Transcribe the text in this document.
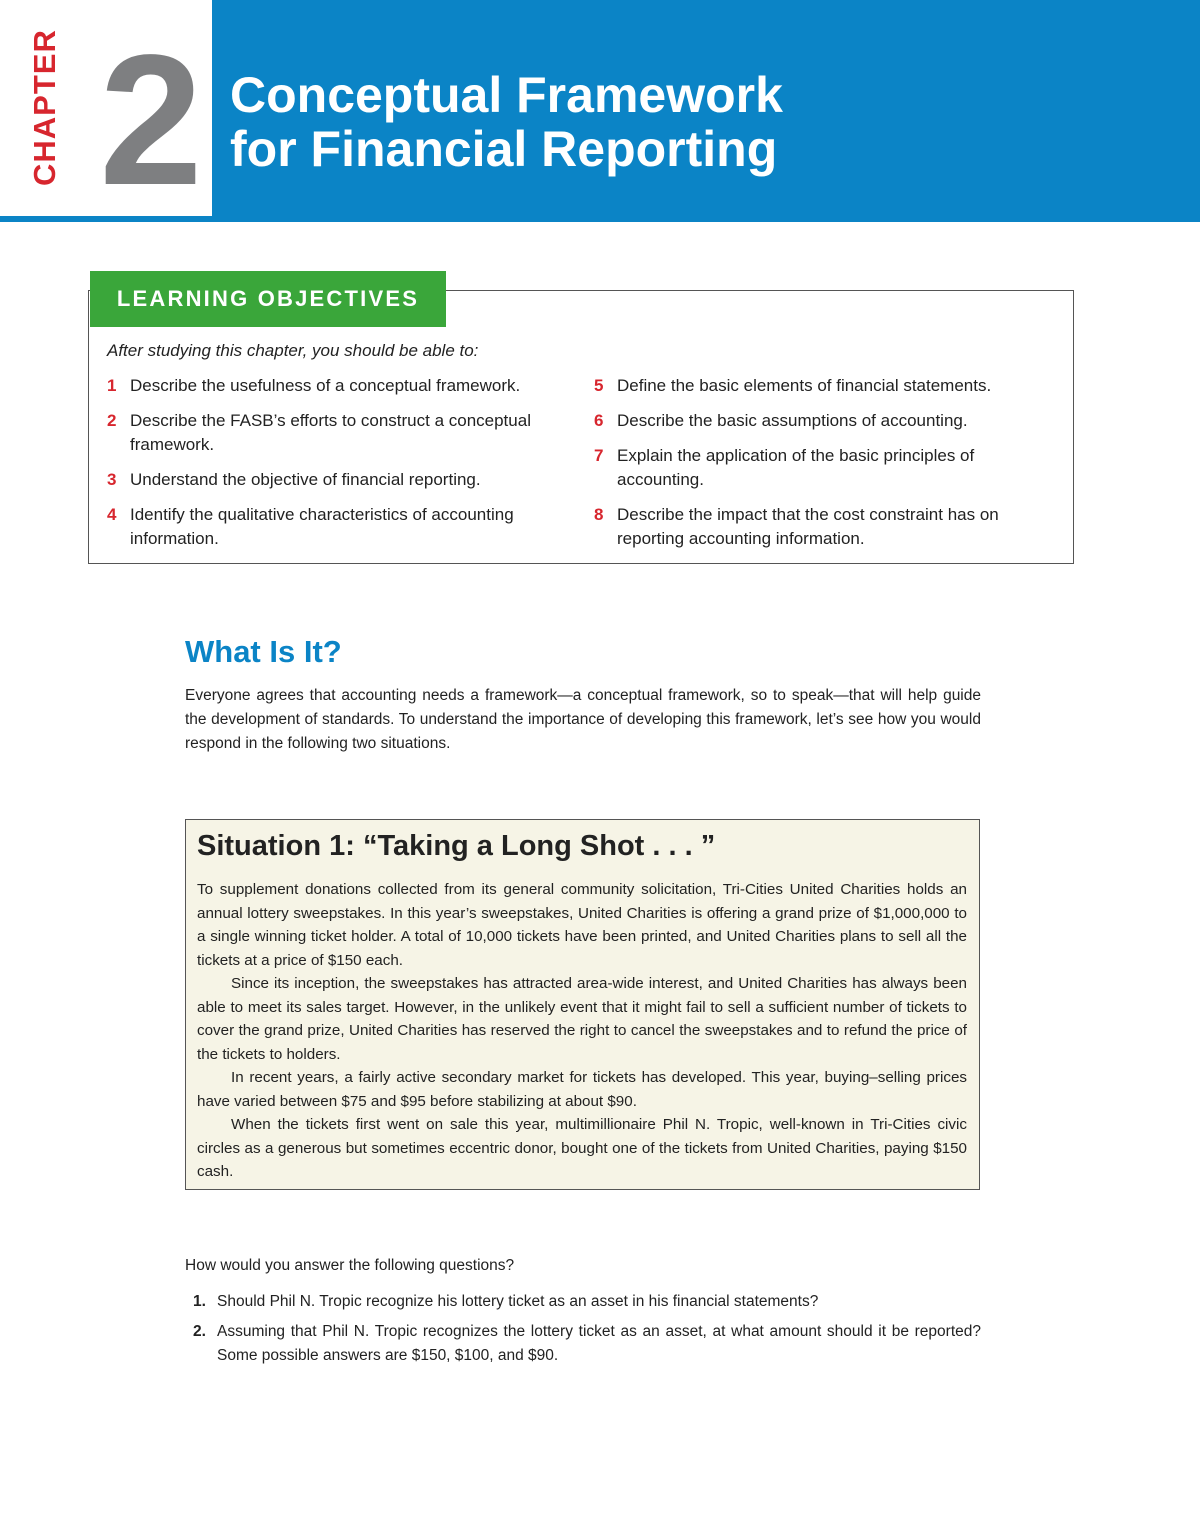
CHAPTER 2 Conceptual Framework
for Financial Reporting
LEARNING OBJECTIVES
After studying this chapter, you should be able to:
1 Describe the usefulness of a conceptual framework.
2 Describe the FASB’s efforts to construct a conceptual framework.
3 Understand the objective of financial reporting.
4 Identify the qualitative characteristics of accounting information.
5 Define the basic elements of financial statements.
6 Describe the basic assumptions of accounting.
7 Explain the application of the basic principles of accounting.
8 Describe the impact that the cost constraint has on reporting accounting information.
What Is It?
Everyone agrees that accounting needs a framework—a conceptual framework, so to speak—that will help guide the development of standards. To understand the importance of developing this framework, let’s see how you would respond in the following two situations.
Situation 1: “Taking a Long Shot . . . ”

To supplement donations collected from its general community solicitation, Tri-Cities United Charities holds an annual lottery sweepstakes. In this year’s sweepstakes, United Charities is offering a grand prize of $1,000,000 to a single winning ticket holder. A total of 10,000 tickets have been printed, and United Charities plans to sell all the tickets at a price of $150 each.

Since its inception, the sweepstakes has attracted area-wide interest, and United Charities has always been able to meet its sales target. However, in the unlikely event that it might fail to sell a sufficient number of tickets to cover the grand prize, United Charities has reserved the right to cancel the sweepstakes and to refund the price of the tickets to holders.

In recent years, a fairly active secondary market for tickets has developed. This year, buying–selling prices have varied between $75 and $95 before stabilizing at about $90.

When the tickets first went on sale this year, multimillionaire Phil N. Tropic, well-known in Tri-Cities civic circles as a generous but sometimes eccentric donor, bought one of the tickets from United Charities, paying $150 cash.

How would you answer the following questions?
1. Should Phil N. Tropic recognize his lottery ticket as an asset in his financial statements?
2. Assuming that Phil N. Tropic recognizes the lottery ticket as an asset, at what amount should it be reported? Some possible answers are $150, $100, and $90.
